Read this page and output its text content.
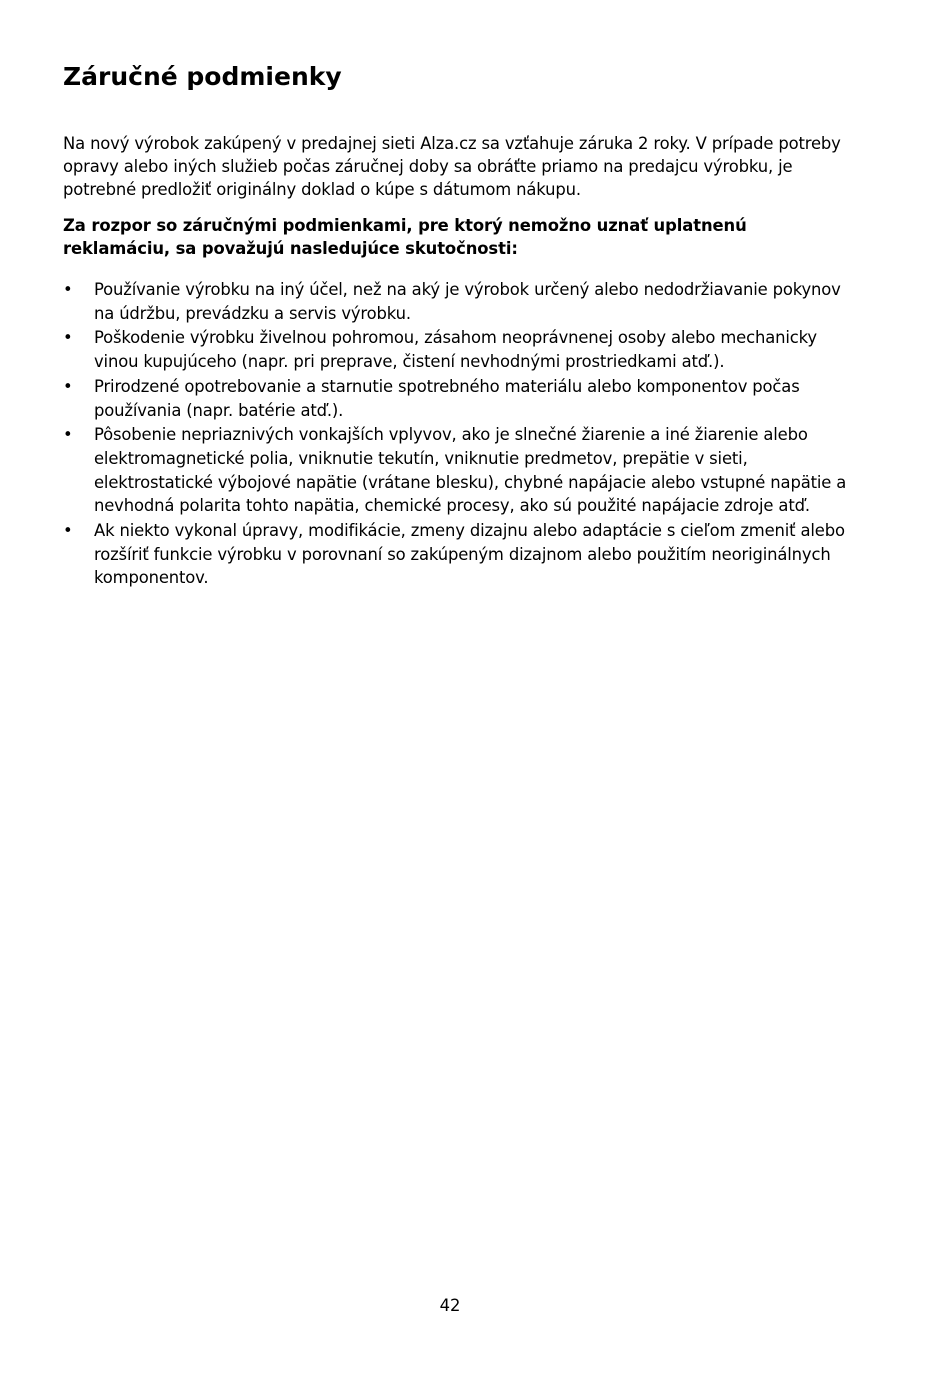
Záručné podmienky

Na nový výrobok zakúpený v predajnej sieti Alza.cz sa vzťahuje záruka 2 roky. V prípade potreby opravy alebo iných služieb počas záručnej doby sa obráťte priamo na predajcu výrobku, je potrebné predložiť originálny doklad o kúpe s dátumom nákupu.

Za rozpor so záručnými podmienkami, pre ktorý nemožno uznať uplatnenú reklamáciu, sa považujú nasledujúce skutočnosti:

• Používanie výrobku na iný účel, než na aký je výrobok určený alebo nedodržiavanie pokynov na údržbu, prevádzku a servis výrobku.
• Poškodenie výrobku živelnou pohromou, zásahom neoprávnenej osoby alebo mechanicky vinou kupujúceho (napr. pri preprave, čistení nevhodnými prostriedkami atď.).
• Prirodzené opotrebovanie a starnutie spotrebného materiálu alebo komponentov počas používania (napr. batérie atď.).
• Pôsobenie nepriaznivých vonkajších vplyvov, ako je slnečné žiarenie a iné žiarenie alebo elektromagnetické polia, vniknutie tekutín, vniknutie predmetov, prepätie v sieti, elektrostatické výbojové napätie (vrátane blesku), chybné napájacie alebo vstupné napätie a nevhodná polarita tohto napätia, chemické procesy, ako sú použité napájacie zdroje atď.
• Ak niekto vykonal úpravy, modifikácie, zmeny dizajnu alebo adaptácie s cieľom zmeniť alebo rozšíriť funkcie výrobku v porovnaní so zakúpeným dizajnom alebo použitím neoriginálnych komponentov.
42
